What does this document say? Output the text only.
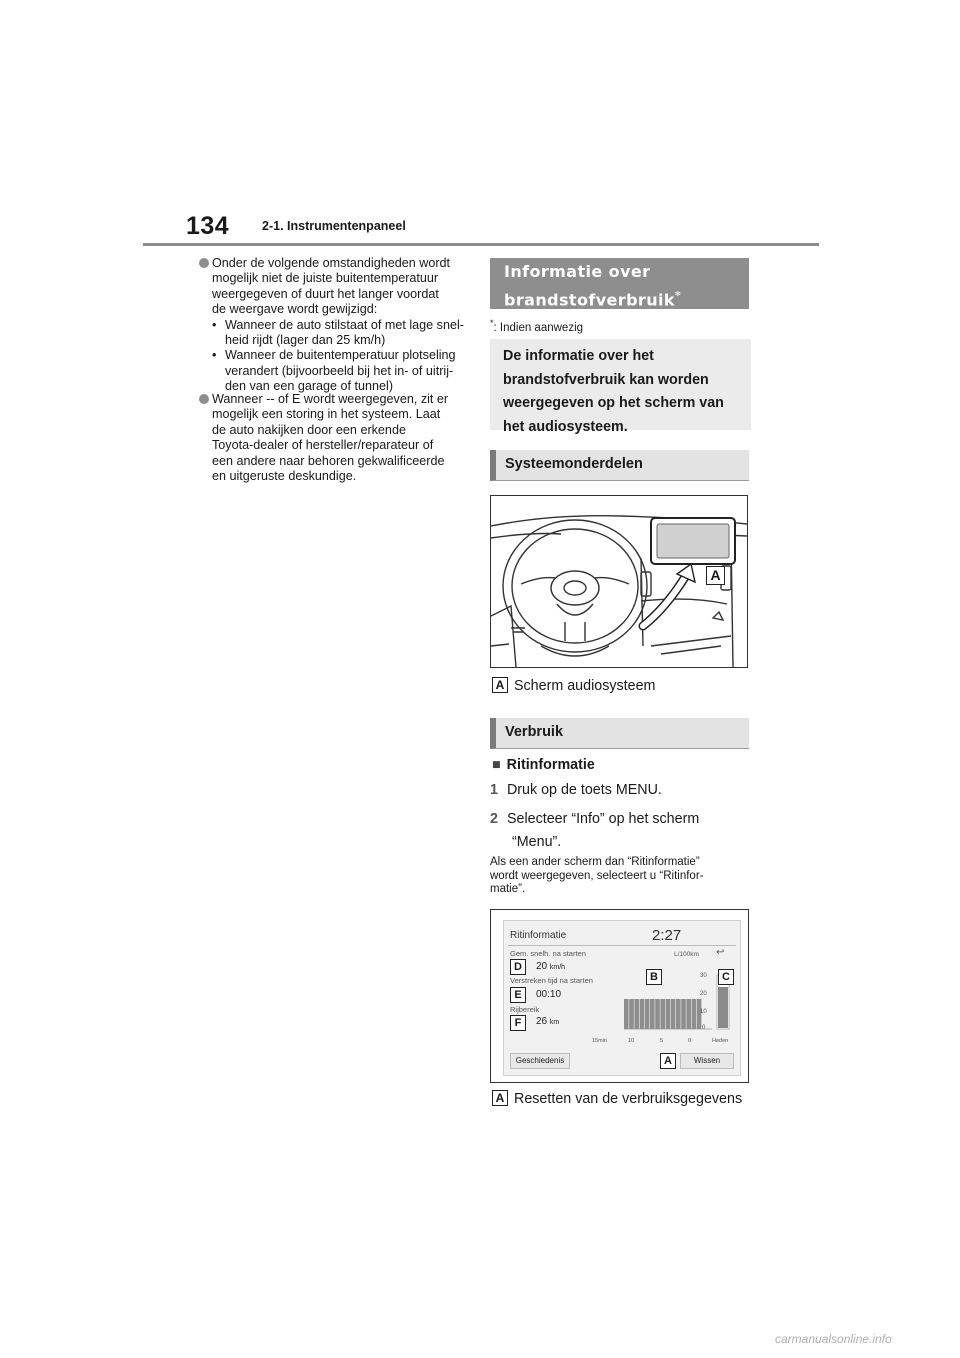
134	2-1. Instrumentenpaneel
Onder de volgende omstandigheden wordt
mogelijk niet de juiste buitentemperatuur
weergegeven of duurt het langer voordat
de weergave wordt gewijzigd:
• Wanneer de auto stilstaat of met lage snel-
heid rijdt (lager dan 25 km/h)
• Wanneer de buitentemperatuur plotseling
verandert (bijvoorbeeld bij het in- of uitrij-
den van een garage of tunnel)
Wanneer -- of E wordt weergegeven, zit er
mogelijk een storing in het systeem. Laat
de auto nakijken door een erkende
Toyota-dealer of hersteller/reparateur of
een andere naar behoren gekwalificeerde
en uitgeruste deskundige.
Informatie over
brandstofverbruik*
*: Indien aanwezig
De informatie over het
brandstofverbruik kan worden
weergegeven op het scherm van
het audiosysteem.
Systeemonderdelen
A
A Scherm audiosysteem
Verbruik
■ Ritinformatie
1 Druk op de toets MENU.
2 Selecteer “Info” op het scherm
“Menu”.
Als een ander scherm dan “Ritinformatie”
wordt weergegeven, selecteert u “Ritinfor-
matie”.
Ritinformatie	2:27
Gem. snelh. na starten
20 km/h
Verstreken tijd na starten
00:10
Rijbereik
26 km
L/100km ↩
30
20
10
0
15min	10	5	0	Heden
Geschiedenis	Wissen
D
E
F
B	C
A
A Resetten van de verbruiksgegevens
carmanualsonline.info
